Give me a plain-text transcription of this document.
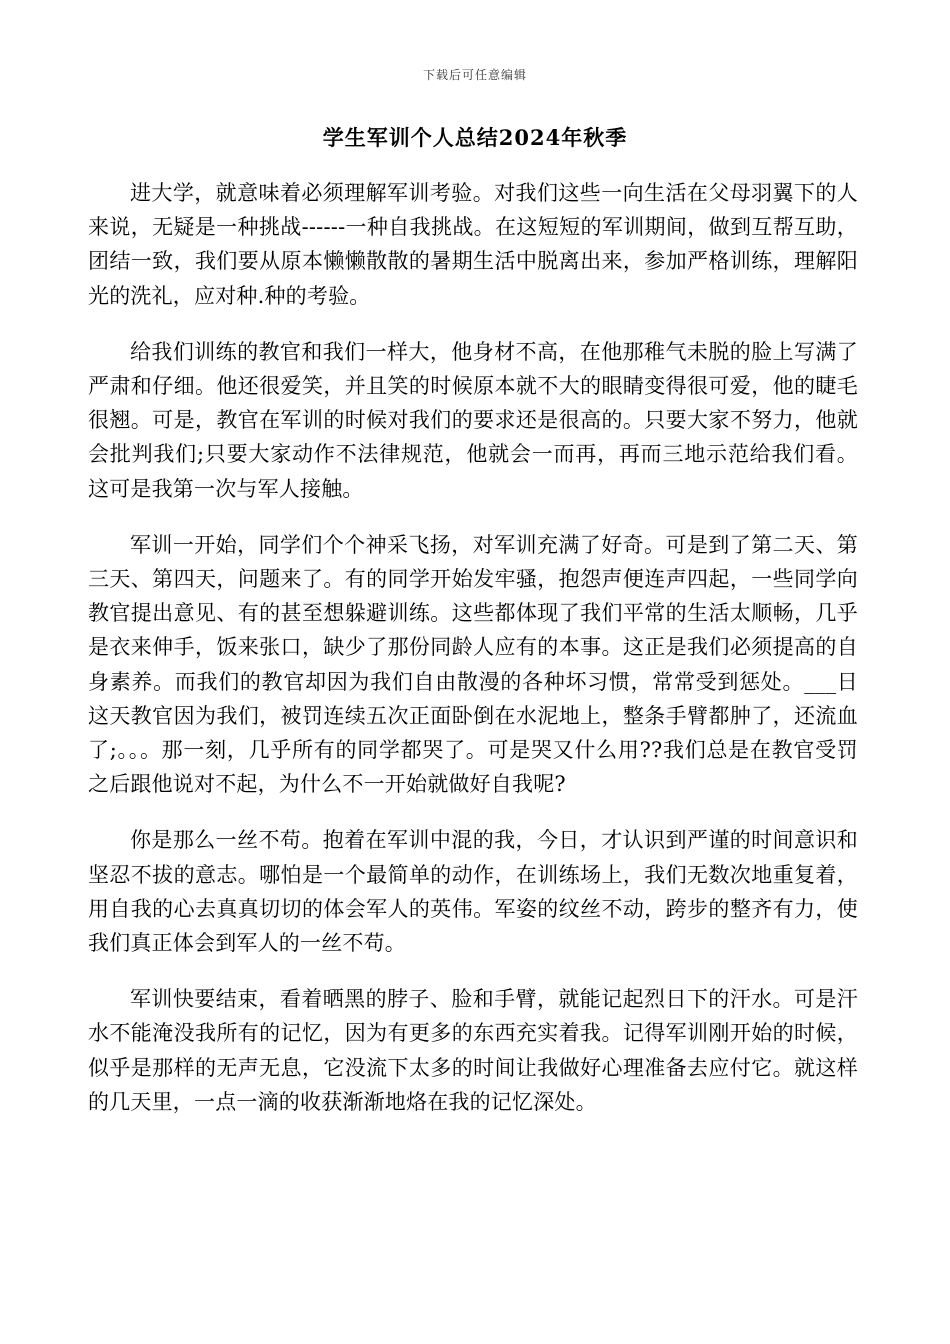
下载后可任意编辑
学生军训个人总结2024年秋季

进大学，就意味着必须理解军训考验。对我们这些一向生活在父母羽翼下的人来说，无疑是一种挑战------一种自我挑战。在这短短的军训期间，做到互帮互助，团结一致，我们要从原本懒懒散散的暑期生活中脱离出来，参加严格训练，理解阳光的洗礼，应对种.种的考验。

给我们训练的教官和我们一样大，他身材不高，在他那稚气未脱的脸上写满了严肃和仔细。他还很爱笑，并且笑的时候原本就不大的眼睛变得很可爱，他的睫毛很翘。可是，教官在军训的时候对我们的要求还是很高的。只要大家不努力，他就会批判我们;只要大家动作不法律规范，他就会一而再，再而三地示范给我们看。这可是我第一次与军人接触。

军训一开始，同学们个个神采飞扬，对军训充满了好奇。可是到了第二天、第三天、第四天，问题来了。有的同学开始发牢骚，抱怨声便连声四起，一些同学向教官提出意见、有的甚至想躲避训练。这些都体现了我们平常的生活太顺畅，几乎是衣来伸手，饭来张口，缺少了那份同龄人应有的本事。这正是我们必须提高的自身素养。而我们的教官却因为我们自由散漫的各种坏习惯，常常受到惩处。___日这天教官因为我们，被罚连续五次正面卧倒在水泥地上，整条手臂都肿了，还流血了;。。。那一刻，几乎所有的同学都哭了。可是哭又什么用??我们总是在教官受罚之后跟他说对不起，为什么不一开始就做好自我呢?

你是那么一丝不苟。抱着在军训中混的我，今日，才认识到严谨的时间意识和坚忍不拔的意志。哪怕是一个最简单的动作，在训练场上，我们无数次地重复着，用自我的心去真真切切的体会军人的英伟。军姿的纹丝不动，跨步的整齐有力，使我们真正体会到军人的一丝不苟。

军训快要结束，看着晒黑的脖子、脸和手臂，就能记起烈日下的汗水。可是汗水不能淹没我所有的记忆，因为有更多的东西充实着我。记得军训刚开始的时候，似乎是那样的无声无息，它没流下太多的时间让我做好心理准备去应付它。就这样的几天里，一点一滴的收获渐渐地烙在我的记忆深处。
